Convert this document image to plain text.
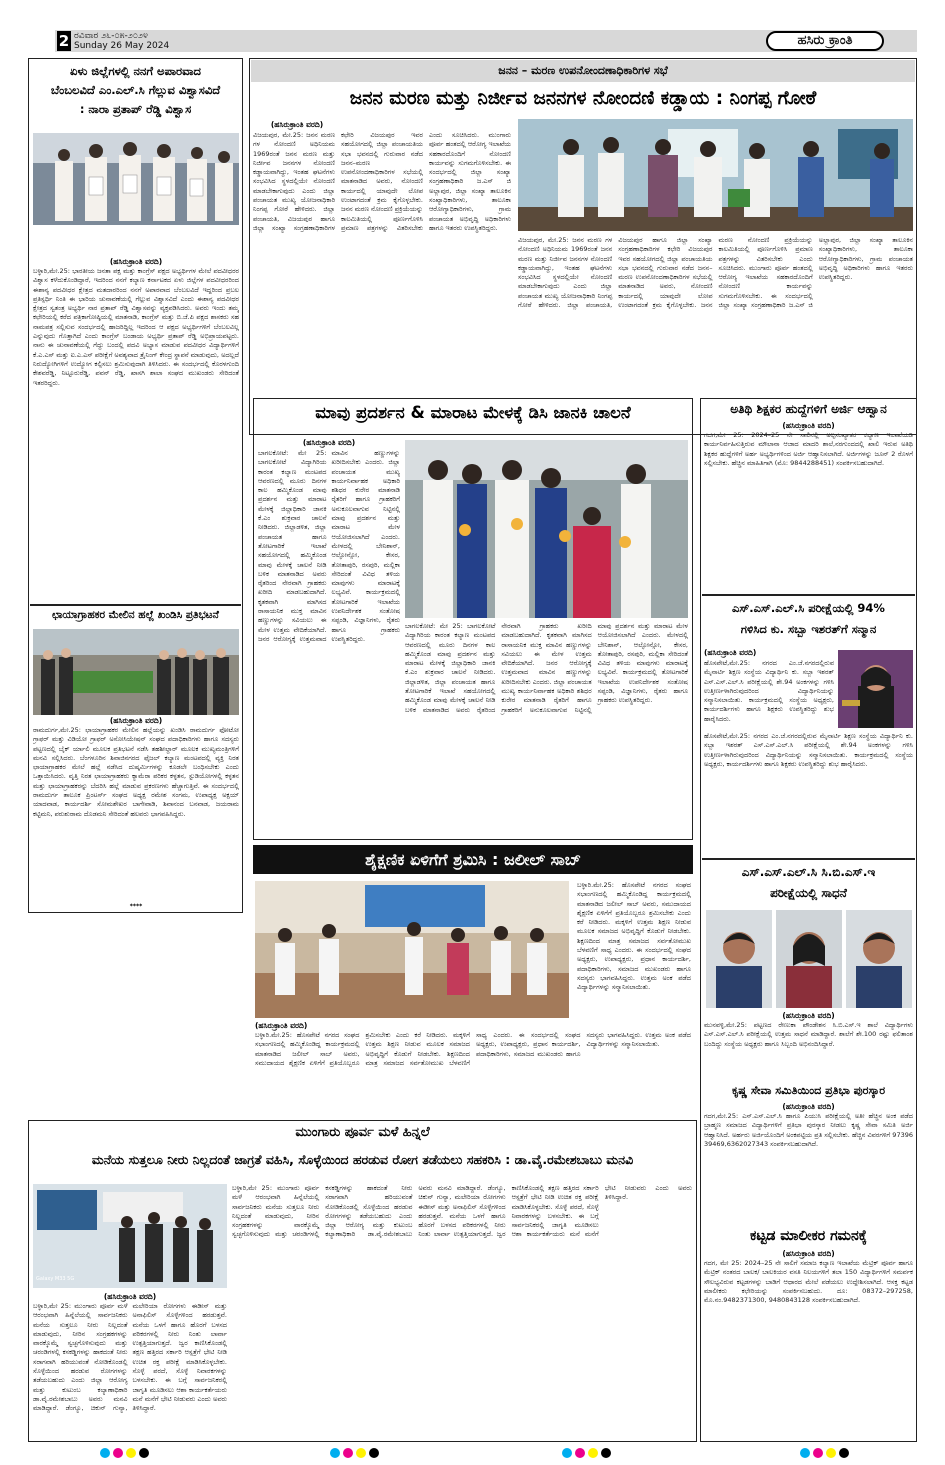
2 ರವಿವಾರ ೨೬-೦೫-೨೦೨೪
Sunday 26 May 2024	ಹಸಿರು ಕ್ರಾಂತಿ
ಏಳು ಜಿಲ್ಲೆಗಳಲ್ಲಿ ನನಗೆ ಅಪಾರವಾದ
ಬೆಂಬಲವಿದೆ ಎಂ.ಎಲ್.ಸಿ ಗೆಲ್ಲುವ ವಿಶ್ವಾಸವಿದೆ
: ನಾರಾ ಪ್ರತಾಪ್ ರೆಡ್ಡಿ ವಿಶ್ವಾಸ
(ಹಸಿರುಕ್ರಾಂತಿ ವರದಿ)
ಬಳ್ಳಾರಿ,ಮೇ.25: ಭಾರತೀಯ ಜನತಾ ಪಕ್ಷ ಮತ್ತು ಕಾಂಗ್ರೆಸ್ ಪಕ್ಷದ ಅಭ್ಯರ್ಥಿಗಳ ಮೇಲೆ ಪದವೀಧರರ ವಿಶ್ವಾಸ ಕಳೆದುಕೊಂಡಿದ್ದಾರೆ, ಇದರಿಂದ ನನಗೆ ಕಲ್ಯಾಣ ಕರ್ನಾಟಕದ ಏಳು ಜಿಲ್ಲೆಗಳ ಪದವೀಧರರಿಂದ ಈಶಾನ್ಯ ಪದವೀಧರ ಕ್ಷೇತ್ರದ ಮತದಾರರಿಂದ ನನಗೆ ಅಪಾರವಾದ ಬೆಂಬಲವಿದೆ ಇದ್ದರಿಂದ ಪ್ರಬಲ ಪ್ರತಿಸ್ಪರ್ಧಿ ನಿಂತಿ ಈ ಭಾರಿಯ ಚುನಾವಣೆಯಲ್ಲಿ ಗೆಲ್ಲುವ ವಿಶ್ವಾಸವಿದೆ ಎಂದು ಈಶಾನ್ಯ ಪದವೀಧರ ಕ್ಷೇತ್ರದ ಸ್ವತಂತ್ರ ಅಭ್ಯರ್ಥಿ ನಾರ ಪ್ರತಾಪ್ ರೆಡ್ಡಿ ವಿಶ್ವಾಸವನ್ನು ವ್ಯಕ್ತಪಡಿಸಿದರು. ಅವರು ಇಂದು ತಮ್ಮ ಕಛೇರಿಯಲ್ಲಿ ಕರೆದ ಪತ್ರಿಕಾಗೋಷ್ಠಿಯಲ್ಲಿ ಮಾತನಾಡಿ, ಕಾಂಗ್ರೆಸ್ ಮತ್ತು ಬಿ.ಜೆ.ಪಿ ಪಕ್ಷದ ಶಾಸಕರು ಸಹ ನಾಮಪತ್ರ ಸಲ್ಲಿಸುವ ಸಂದರ್ಭದಲ್ಲಿ ಹಾಜರಿದ್ದಿಲ್ಲ ಇದರಿಂದ ಆ ಪಕ್ಷದ ಅಭ್ಯರ್ಥಿಗಳಿಗೆ ಬೆಂಬಲವಿಲ್ಲ ಎನ್ನುವುದು ಗೊತ್ತಾಗಿದೆ ಎಂದು ಕಾಂಗ್ರೆಸ್ ಬಂಡಾಯ ಅಭ್ಯರ್ಥಿ ಪ್ರತಾಪ್ ರೆಡ್ಡಿ ಅಭಿಪ್ರಾಯಪಟ್ಟರು. ನಾನು ಈ ಚುನಾವಣೆಯಲ್ಲಿ ಗೆದ್ದು ಬಂದಲ್ಲಿ ಪದವಿ ಅಭ್ಯಾಸ ಮಾಡುವ ಪದವೀಧರ ವಿದ್ಯಾರ್ಥಿಗಳಿಗೆ ಕೆ.ಎ.ಎಸ್ ಮತ್ತು ಐ.ಎ.ಎಸ್ ಪರೀಕ್ಷೆಗೆ ಅವಶ್ಯವಾದ ತ್ರೈನಿಂಗ್ ಕೇಂದ್ರ ಸ್ಥಾಪನೆ ಮಾಡುವುದು, ಅದಲ್ಲದೆ ನಿರುದ್ಯೋಗಿಗಳಿಗೆ ಉದ್ಯೋಗ ಕಲ್ಪಿಸಲು ಶ್ರಮಿಸುವುದಾಗಿ ತಿಳಿಸಿದರು. ಈ ಸಂದರ್ಭದಲ್ಲಿ ಕೊರಳಗುಂದಿ ಕೇಶವರೆಡ್ಡಿ, ನಿಟ್ಟೂರುರೆಡ್ಡಿ, ಪವನ್ ರೆಡ್ಡಿ, ಖಾಸಗಿ ಶಾಲಾ ಸಂಘದ ಮುಖಂಡರು ಸೇರಿದಂತೆ ಇತರರಿದ್ದರು.
ಛಾಯಾಗ್ರಾಹಕರ ಮೇಲಿನ ಹಲ್ಲೆ ಖಂಡಿಸಿ ಪ್ರತಿಭಟನೆ
(ಹಸಿರುಕ್ರಾಂತಿ ವರದಿ)
ರಾಮದುರ್ಗ,ಮೇ.25: ಛಾಯಾಗ್ರಾಹಕರ ಮೇಲಿನ ಹಲ್ಲೆಯನ್ನು ಖಂಡಿಸಿ ರಾಮದುರ್ಗ ಫೋಟೋ ಗ್ರಾಫರ್ ಮತ್ತು ವಿಡಿಯೋ ಗ್ರಾಫರ್ ಅಸೋಸಿಯೇಷನ್ ಸಂಘದ ಪದಾಧಿಕಾರಿಗಳು ಹಾಗೂ ಸದಸ್ಯರು ಪಟ್ಟಣದಲ್ಲಿ ಬೈಕ್ ರ್ಯಾಲಿ ಮೂಲಕ ಪ್ರತಿಭಟನೆ ನಡೆಸಿ ತಹಶೀಲ್ದಾರ್ ಮೂಲಕ ಮುಖ್ಯಮಂತ್ರಿಗಳಿಗೆ ಮನವಿ ಸಲ್ಲಿಸಿದರು. ಬೆಂಗಳೂರಿನ ಶಿವಾಜಿನಗರದ ಫೈಜಲ್ ಕಲ್ಯಾಣ ಮಂಟಪದಲ್ಲಿ ವ್ಯಕ್ತಿ ನಿರತ ಛಾಯಾಗ್ರಾಹಕರ ಮೇಲೆ ಹಲ್ಲೆ ನಡೆಸಿದ ದುಷ್ಕರ್ಮಿಗಳನ್ನು ಕೂಡಲೇ ಬಂಧಿಸಬೇಕು ಎಂದು ಒತ್ತಾಯಿಸಿದರು. ವೃತ್ತಿ ನಿರತ ಛಾಯಾಗ್ರಾಹಕರು ಕ್ಯಾಮೆರಾ ಪರಿಕರ ಕಳ್ಳತನ, ಸ್ಟುಡಿಯೋಗಳಲ್ಲಿ ಕಳ್ಳತನ ಮತ್ತು ಛಾಯಾಗ್ರಾಹಕರನ್ನು ಬೆದರಿಸಿ ಹಲ್ಲೆ ಮಾಡುವ ಪ್ರಕರಣಗಳು ಹೆಚ್ಚಾಗುತ್ತಿವೆ. ಈ ಸಂದರ್ಭದಲ್ಲಿ ರಾಮದುರ್ಗ ತಾಲೂಕ ಪ್ರಿಂಟರ್ಸ್ ಸಂಘದ ಅಧ್ಯಕ್ಷ ರಮೇಶ ಸಂಗಮ, ಉಪಾಧ್ಯಕ್ಷ ಅಕ್ಷಯ್ ಯಾದವಾಡ, ಕಾರ್ಯದರ್ಶಿ ಸೋಮಶೇಖರ ಬಾಗೇವಾಡಿ, ಶಿವಾನಂದ ಬನವಾಡ, ಜಯರಾಮ ಕಟ್ಟಿಮನಿ, ಪರುಶುರಾಮ ದೊಡಮನಿ ಸೇರಿದಂತೆ ಹಲವರು ಭಾಗವಹಿಸಿದ್ದರು.
****
ಜನನ – ಮರಣ ಉಪನೋಂದಣಾಧಿಕಾರಿಗಳ ಸಭೆ
ಜನನ ಮರಣ ಮತ್ತು ನಿರ್ಜೀವ ಜನನಗಳ ನೋಂದಣಿ ಕಡ್ಡಾಯ : ನಿಂಗಪ್ಪ ಗೋಠೆ
(ಹಸಿರುಕ್ರಾಂತಿ ವರದಿ)
ವಿಜಯಪುರ, ಮೇ.25: ಜನನ ಮರಣ ಗಳ ನೋಂದಣಿ ಅಧಿನಿಯಮ 1969ರಂತೆ ಜನನ ಮರಣ ಮತ್ತು ನಿರ್ಜೀವ ಜನನಗಳ ನೋಂದಣಿ ಕಡ್ಡಾಯವಾಗಿದ್ದು, ಇಂತಹ ಘಟನೆಗಳು ಸಂಭವಿಸಿದ ಸ್ಥಳದಲ್ಲಿಯೇ ನೋಂದಣಿ ಮಾಡಬೇಕಾಗುವುದು ಎಂದು ಜಿಲ್ಲಾ ಪಂಚಾಯತ ಮುಖ್ಯ ಯೋಜನಾಧಿಕಾರಿ ನಿಂಗಪ್ಪ ಗೋಠೆ ಹೇಳಿದರು. ಜಿಲ್ಲಾ ಪಂಚಾಯತಿ, ವಿಜಯಪುರ ಹಾಗೂ ಜಿಲ್ಲಾ ಸಂಖ್ಯಾ ಸಂಗ್ರಹಣಾಧಿಕಾರಿಗಳ ಕಛೇರಿ ವಿಜಯಪುರ ಇವರ ಸಹಯೋಗದಲ್ಲಿ ಜಿಲ್ಲಾ ಪಂಚಾಯತಿಯ ಸಭಾ ಭವನದಲ್ಲಿ ಗುರುವಾರ ನಡೆದ ಜನನ–ಮರಣ ಉಪನೋಂದಣಾಧಿಕಾರಿಗಳ ಸಭೆಯಲ್ಲಿ ಮಾತನಾಡಿದ ಅವರು, ನೋಂದಣಿ ಕಾರ್ಯದಲ್ಲಿ ಯಾವುದೇ ಲೋಪ ಉಂಟಾಗದಂತೆ ಕ್ರಮ ಕೈಗೊಳ್ಳಬೇಕು. ಜನನ ಮರಣ ನೋಂದಣಿ ಪ್ರಕ್ರಿಯೆಯನ್ನು ಕಾಲಮಿತಿಯಲ್ಲಿ ಪೂರ್ಣಗೊಳಿಸಿ ಪ್ರಮಾಣ ಪತ್ರಗಳನ್ನು ವಿತರಿಸಬೇಕು ಎಂದು ಸೂಚಿಸಿದರು. ಮುಂಗಾರು ಪೂರ್ವ ಹಂತದಲ್ಲಿ ಆರೋಗ್ಯ ಇಲಾಖೆಯ ಸಹಕಾರದೊಂದಿಗೆ ನೋಂದಣಿ ಕಾರ್ಯವನ್ನು ಸುಗಮಗೊಳಿಸಬೇಕು. ಈ ಸಂದರ್ಭದಲ್ಲಿ ಜಿಲ್ಲಾ ಸಂಖ್ಯಾ ಸಂಗ್ರಹಣಾಧಿಕಾರಿ ಜ.ಎಸ್ ಜಿ ಅಲ್ಲಾಪುರ, ಜಿಲ್ಲಾ ಸಂಖ್ಯಾ ತಾಲೂಕಿನ ಸಂಖ್ಯಾಧಿಕಾರಿಗಳು, ತಾಲೂಕಾ ಆರೋಗ್ಯಾಧಿಕಾರಿಗಳು, ಗ್ರಾಮ ಪಂಚಾಯತ ಅಭಿವೃದ್ಧಿ ಅಧಿಕಾರಿಗಳು ಹಾಗೂ ಇತರರು ಉಪಸ್ಥಿತರಿದ್ದರು.
ವಿಜಯಪುರ, ಮೇ.25: ಜನನ ಮರಣ ಗಳ ನೋಂದಣಿ ಅಧಿನಿಯಮ 1969ರಂತೆ ಜನನ ಮರಣ ಮತ್ತು ನಿರ್ಜೀವ ಜನನಗಳ ನೋಂದಣಿ ಕಡ್ಡಾಯವಾಗಿದ್ದು, ಇಂತಹ ಘಟನೆಗಳು ಸಂಭವಿಸಿದ ಸ್ಥಳದಲ್ಲಿಯೇ ನೋಂದಣಿ ಮಾಡಬೇಕಾಗುವುದು ಎಂದು ಜಿಲ್ಲಾ ಪಂಚಾಯತ ಮುಖ್ಯ ಯೋಜನಾಧಿಕಾರಿ ನಿಂಗಪ್ಪ ಗೋಠೆ ಹೇಳಿದರು. ಜಿಲ್ಲಾ ಪಂಚಾಯತಿ, ವಿಜಯಪುರ ಹಾಗೂ ಜಿಲ್ಲಾ ಸಂಖ್ಯಾ ಸಂಗ್ರಹಣಾಧಿಕಾರಿಗಳ ಕಛೇರಿ ವಿಜಯಪುರ ಇವರ ಸಹಯೋಗದಲ್ಲಿ ಜಿಲ್ಲಾ ಪಂಚಾಯತಿಯ ಸಭಾ ಭವನದಲ್ಲಿ ಗುರುವಾರ ನಡೆದ ಜನನ–ಮರಣ ಉಪನೋಂದಣಾಧಿಕಾರಿಗಳ ಸಭೆಯಲ್ಲಿ ಮಾತನಾಡಿದ ಅವರು, ನೋಂದಣಿ ಕಾರ್ಯದಲ್ಲಿ ಯಾವುದೇ ಲೋಪ ಉಂಟಾಗದಂತೆ ಕ್ರಮ ಕೈಗೊಳ್ಳಬೇಕು. ಜನನ ಮರಣ ನೋಂದಣಿ ಪ್ರಕ್ರಿಯೆಯನ್ನು ಕಾಲಮಿತಿಯಲ್ಲಿ ಪೂರ್ಣಗೊಳಿಸಿ ಪ್ರಮಾಣ ಪತ್ರಗಳನ್ನು ವಿತರಿಸಬೇಕು ಎಂದು ಸೂಚಿಸಿದರು. ಮುಂಗಾರು ಪೂರ್ವ ಹಂತದಲ್ಲಿ ಆರೋಗ್ಯ ಇಲಾಖೆಯ ಸಹಕಾರದೊಂದಿಗೆ ನೋಂದಣಿ ಕಾರ್ಯವನ್ನು ಸುಗಮಗೊಳಿಸಬೇಕು. ಈ ಸಂದರ್ಭದಲ್ಲಿ ಜಿಲ್ಲಾ ಸಂಖ್ಯಾ ಸಂಗ್ರಹಣಾಧಿಕಾರಿ ಜ.ಎಸ್ ಜಿ ಅಲ್ಲಾಪುರ, ಜಿಲ್ಲಾ ಸಂಖ್ಯಾ ತಾಲೂಕಿನ ಸಂಖ್ಯಾಧಿಕಾರಿಗಳು, ತಾಲೂಕಾ ಆರೋಗ್ಯಾಧಿಕಾರಿಗಳು, ಗ್ರಾಮ ಪಂಚಾಯತ ಅಭಿವೃದ್ಧಿ ಅಧಿಕಾರಿಗಳು ಹಾಗೂ ಇತರರು ಉಪಸ್ಥಿತರಿದ್ದರು.
ಮಾವು ಪ್ರದರ್ಶನ & ಮಾರಾಟ ಮೇಳಕ್ಕೆ ಡಿಸಿ ಜಾನಕಿ ಚಾಲನೆ
(ಹಸಿರುಕ್ರಾಂತಿ ವರದಿ)
ಬಾಗಲಕೋಟೆ: ಮೇ 25: ಬಾಗಲಕೋಟೆ ವಿದ್ಯಾಗಿರಿಯ ಕಾರಂತ ಕಲ್ಯಾಣ ಮಂಟಪದ ಆವರಣದಲ್ಲಿ ಮೂರು ದಿನಗಳ ಕಾಲ ಹಮ್ಮಿಕೊಂಡ ಮಾವು ಪ್ರದರ್ಶನ ಮತ್ತು ಮಾರಾಟ ಮೇಳಕ್ಕೆ ಜಿಲ್ಲಾಧಿಕಾರಿ ಜಾನಕಿ ಕೆ.ಎಂ ಶುಕ್ರವಾರ ಚಾಲನೆ ನೀಡಿದರು. ಜಿಲ್ಲಾಡಳಿತ, ಜಿಲ್ಲಾ ಪಂಚಾಯತ ಹಾಗೂ ತೋಟಗಾರಿಕೆ ಇಲಾಖೆ ಸಹಯೋಗದಲ್ಲಿ ಹಮ್ಮಿಕೊಂಡ ಮಾವು ಮೇಳಕ್ಕೆ ಚಾಲನೆ ನೀಡಿ ಬಳಿಕ ಮಾತನಾಡಿದ ಅವರು ರೈತರಿಂದ ನೇರವಾಗಿ ಗ್ರಾಹಕರು ಖರೀದಿ ಮಾಡಬಹುದಾಗಿದೆ. ಕೃತಕವಾಗಿ ಮಾಗಿಸದ ರಾಸಾಯನಿಕ ಮುಕ್ತ ಮಾವಿನ ಹಣ್ಣುಗಳನ್ನು ಸವಿಯಲು ಈ ಮೇಳ ಉತ್ತಮ ವೇದಿಕೆಯಾಗಿದೆ. ಜನರ ಆರೋಗ್ಯಕ್ಕೆ ಉತ್ತಮವಾದ ಮಾವಿನ ಹಣ್ಣುಗಳನ್ನು ಖರೀದಿಸಬೇಕು ಎಂದರು. ಜಿಲ್ಲಾ ಪಂಚಾಯತ ಮುಖ್ಯ ಕಾರ್ಯನಿರ್ವಾಹಕ ಅಧಿಕಾರಿ ಶಶಿಧರ ಕುರೇರ ಮಾತನಾಡಿ ರೈತರಿಗೆ ಹಾಗೂ ಗ್ರಾಹಕರಿಗೆ ಅನುಕೂಲವಾಗುವ ನಿಟ್ಟಿನಲ್ಲಿ ಮಾವು ಪ್ರದರ್ಶನ ಮತ್ತು ಮಾರಾಟ ಮೇಳ ಆಯೋಜಿಸಲಾಗಿದೆ ಎಂದರು. ಮೇಳದಲ್ಲಿ ಬೇನಿಶಾನ್, ಆಲ್ಫೋನ್ಸೋ, ಕೇಸರ, ತೋತಾಪುರಿ, ರಸಪುರಿ, ಮಲ್ಲಿಕಾ ಸೇರಿದಂತೆ ವಿವಿಧ ತಳಿಯ ಮಾವುಗಳು ಮಾರಾಟಕ್ಕೆ ಲಭ್ಯವಿವೆ. ಕಾರ್ಯಕ್ರಮದಲ್ಲಿ ತೋಟಗಾರಿಕೆ ಇಲಾಖೆಯ ಉಪನಿರ್ದೇಶಕ ಸಂತೋಷ ಸಪ್ಪಂಡಿ, ವಿಜ್ಞಾನಿಗಳು, ರೈತರು ಹಾಗೂ ಗ್ರಾಹಕರು ಉಪಸ್ಥಿತರಿದ್ದರು.
ಬಾಗಲಕೋಟೆ: ಮೇ 25: ಬಾಗಲಕೋಟೆ ವಿದ್ಯಾಗಿರಿಯ ಕಾರಂತ ಕಲ್ಯಾಣ ಮಂಟಪದ ಆವರಣದಲ್ಲಿ ಮೂರು ದಿನಗಳ ಕಾಲ ಹಮ್ಮಿಕೊಂಡ ಮಾವು ಪ್ರದರ್ಶನ ಮತ್ತು ಮಾರಾಟ ಮೇಳಕ್ಕೆ ಜಿಲ್ಲಾಧಿಕಾರಿ ಜಾನಕಿ ಕೆ.ಎಂ ಶುಕ್ರವಾರ ಚಾಲನೆ ನೀಡಿದರು. ಜಿಲ್ಲಾಡಳಿತ, ಜಿಲ್ಲಾ ಪಂಚಾಯತ ಹಾಗೂ ತೋಟಗಾರಿಕೆ ಇಲಾಖೆ ಸಹಯೋಗದಲ್ಲಿ ಹಮ್ಮಿಕೊಂಡ ಮಾವು ಮೇಳಕ್ಕೆ ಚಾಲನೆ ನೀಡಿ ಬಳಿಕ ಮಾತನಾಡಿದ ಅವರು ರೈತರಿಂದ ನೇರವಾಗಿ ಗ್ರಾಹಕರು ಖರೀದಿ ಮಾಡಬಹುದಾಗಿದೆ. ಕೃತಕವಾಗಿ ಮಾಗಿಸದ ರಾಸಾಯನಿಕ ಮುಕ್ತ ಮಾವಿನ ಹಣ್ಣುಗಳನ್ನು ಸವಿಯಲು ಈ ಮೇಳ ಉತ್ತಮ ವೇದಿಕೆಯಾಗಿದೆ. ಜನರ ಆರೋಗ್ಯಕ್ಕೆ ಉತ್ತಮವಾದ ಮಾವಿನ ಹಣ್ಣುಗಳನ್ನು ಖರೀದಿಸಬೇಕು ಎಂದರು. ಜಿಲ್ಲಾ ಪಂಚಾಯತ ಮುಖ್ಯ ಕಾರ್ಯನಿರ್ವಾಹಕ ಅಧಿಕಾರಿ ಶಶಿಧರ ಕುರೇರ ಮಾತನಾಡಿ ರೈತರಿಗೆ ಹಾಗೂ ಗ್ರಾಹಕರಿಗೆ ಅನುಕೂಲವಾಗುವ ನಿಟ್ಟಿನಲ್ಲಿ ಮಾವು ಪ್ರದರ್ಶನ ಮತ್ತು ಮಾರಾಟ ಮೇಳ ಆಯೋಜಿಸಲಾಗಿದೆ ಎಂದರು. ಮೇಳದಲ್ಲಿ ಬೇನಿಶಾನ್, ಆಲ್ಫೋನ್ಸೋ, ಕೇಸರ, ತೋತಾಪುರಿ, ರಸಪುರಿ, ಮಲ್ಲಿಕಾ ಸೇರಿದಂತೆ ವಿವಿಧ ತಳಿಯ ಮಾವುಗಳು ಮಾರಾಟಕ್ಕೆ ಲಭ್ಯವಿವೆ. ಕಾರ್ಯಕ್ರಮದಲ್ಲಿ ತೋಟಗಾರಿಕೆ ಇಲಾಖೆಯ ಉಪನಿರ್ದೇಶಕ ಸಂತೋಷ ಸಪ್ಪಂಡಿ, ವಿಜ್ಞಾನಿಗಳು, ರೈತರು ಹಾಗೂ ಗ್ರಾಹಕರು ಉಪಸ್ಥಿತರಿದ್ದರು.
ಶೈಕ್ಷಣಿಕ ಏಳಿಗೆಗೆ ಶ್ರಮಿಸಿ : ಜಲೀಲ್ ಸಾಬ್
ಬಳ್ಳಾರಿ.ಮೇ.25: ಹೊಸಪೇಟೆ ನಗರದ ಸಂಘದ ಸಭಾಂಗಣದಲ್ಲಿ ಹಮ್ಮಿಕೊಂಡಿದ್ದ ಕಾರ್ಯಕ್ರಮದಲ್ಲಿ ಮಾತನಾಡಿದ ಜಲೀಲ್ ಸಾಬ್ ಅವರು, ಸಮುದಾಯದ ಶೈಕ್ಷಣಿಕ ಏಳಿಗೆಗೆ ಪ್ರತಿಯೊಬ್ಬರೂ ಶ್ರಮಿಸಬೇಕು ಎಂದು ಕರೆ ನೀಡಿದರು. ಮಕ್ಕಳಿಗೆ ಉತ್ತಮ ಶಿಕ್ಷಣ ನೀಡುವ ಮೂಲಕ ಸಮಾಜದ ಅಭಿವೃದ್ಧಿಗೆ ಕೊಡುಗೆ ನೀಡಬೇಕು. ಶಿಕ್ಷಣದಿಂದ ಮಾತ್ರ ಸಮಾಜದ ಸರ್ವತೋಮುಖ ಬೆಳವಣಿಗೆ ಸಾಧ್ಯ ಎಂದರು. ಈ ಸಂದರ್ಭದಲ್ಲಿ ಸಂಘದ ಅಧ್ಯಕ್ಷರು, ಉಪಾಧ್ಯಕ್ಷರು, ಪ್ರಧಾನ ಕಾರ್ಯದರ್ಶಿ, ಪದಾಧಿಕಾರಿಗಳು, ಸಮಾಜದ ಮುಖಂಡರು ಹಾಗೂ ಸದಸ್ಯರು ಭಾಗವಹಿಸಿದ್ದರು. ಉತ್ತಮ ಅಂಕ ಪಡೆದ ವಿದ್ಯಾರ್ಥಿಗಳನ್ನು ಸನ್ಮಾನಿಸಲಾಯಿತು.
(ಹಸಿರುಕ್ರಾಂತಿ ವರದಿ)
ಬಳ್ಳಾರಿ.ಮೇ.25: ಹೊಸಪೇಟೆ ನಗರದ ಸಂಘದ ಸಭಾಂಗಣದಲ್ಲಿ ಹಮ್ಮಿಕೊಂಡಿದ್ದ ಕಾರ್ಯಕ್ರಮದಲ್ಲಿ ಮಾತನಾಡಿದ ಜಲೀಲ್ ಸಾಬ್ ಅವರು, ಸಮುದಾಯದ ಶೈಕ್ಷಣಿಕ ಏಳಿಗೆಗೆ ಪ್ರತಿಯೊಬ್ಬರೂ ಶ್ರಮಿಸಬೇಕು ಎಂದು ಕರೆ ನೀಡಿದರು. ಮಕ್ಕಳಿಗೆ ಉತ್ತಮ ಶಿಕ್ಷಣ ನೀಡುವ ಮೂಲಕ ಸಮಾಜದ ಅಭಿವೃದ್ಧಿಗೆ ಕೊಡುಗೆ ನೀಡಬೇಕು. ಶಿಕ್ಷಣದಿಂದ ಮಾತ್ರ ಸಮಾಜದ ಸರ್ವತೋಮುಖ ಬೆಳವಣಿಗೆ ಸಾಧ್ಯ ಎಂದರು. ಈ ಸಂದರ್ಭದಲ್ಲಿ ಸಂಘದ ಅಧ್ಯಕ್ಷರು, ಉಪಾಧ್ಯಕ್ಷರು, ಪ್ರಧಾನ ಕಾರ್ಯದರ್ಶಿ, ಪದಾಧಿಕಾರಿಗಳು, ಸಮಾಜದ ಮುಖಂಡರು ಹಾಗೂ ಸದಸ್ಯರು ಭಾಗವಹಿಸಿದ್ದರು. ಉತ್ತಮ ಅಂಕ ಪಡೆದ ವಿದ್ಯಾರ್ಥಿಗಳನ್ನು ಸನ್ಮಾನಿಸಲಾಯಿತು.
ಮುಂಗಾರು ಪೂರ್ವ ಮಳೆ ಹಿನ್ನಲೆ
ಮನೆಯ ಸುತ್ತಲೂ ನೀರು ನಿಲ್ಲದಂತೆ ಜಾಗ್ರತೆ ವಹಿಸಿ, ಸೊಳ್ಳೆಯಿಂದ ಹರಡುವ ರೋಗ ತಡೆಯಲು ಸಹಕರಿಸಿ : ಡಾ.ವೈ.ರಮೇಶಬಾಬು ಮನವಿ
Galaxy M33 5G
(ಹಸಿರುಕ್ರಾಂತಿ ವರದಿ)
ಬಳ್ಳಾರಿ,ಮೇ 25: ಮುಂಗಾರು ಪೂರ್ವ ಮಳೆ ಆರಂಭವಾಗಿ ಹಿನ್ನೆಲೆಯಲ್ಲಿ ಸಾರ್ವಜನಿಕರು ಮನೆಯ ಸುತ್ತಲೂ ನೀರು ನಿಲ್ಲದಂತೆ ಮಾಡುವುದು, ನೀರಿನ ಸಂಗ್ರಹಕಗಳನ್ನು ವಾರಕ್ಕೊಮ್ಮೆ ಸ್ವಚ್ಛಗೊಳಿಸುವುದು ಮತ್ತು ಚರಂಡಿಗಳಲ್ಲಿ ಕಸಕಡ್ಡಿಗಳನ್ನು ಹಾಕದಂತೆ ನೀರು ಸರಾಗವಾಗಿ ಹರಿಯುವಂತೆ ನೋಡಿಕೊಂಡಲ್ಲಿ ಸೊಳ್ಳೆಯಿಂದ ಹರಡುವ ರೋಗಗಳನ್ನು ತಡೆಯಬಹುದು ಎಂದು ಜಿಲ್ಲಾ ಆರೋಗ್ಯ ಮತ್ತು ಕುಟುಂಬ ಕಲ್ಯಾಣಾಧಿಕಾರಿ ಡಾ.ವೈ.ರಮೇಶಬಾಬು ಅವರು ಮನವಿ ಮಾಡಿದ್ದಾರೆ. ಡೆಂಗ್ಯೂ, ಚಿಕುನ್ ಗುನ್ಯಾ, ಮಲೇರಿಯಾ ರೋಗಗಳು ಈಡೀಸ್ ಮತ್ತು ಅನಾಫಿಲಿಸ್ ಸೊಳ್ಳೆಗಳಿಂದ ಹರಡುತ್ತವೆ. ಮನೆಯ ಒಳಗೆ ಹಾಗೂ ಹೊರಗೆ ಬಳಸದ ಪರಿಕರಗಳಲ್ಲಿ ನೀರು ನಿಂತು ಲಾರ್ವಾ ಉತ್ಪತ್ತಿಯಾಗುತ್ತದೆ. ಜ್ವರ ಕಾಣಿಸಿಕೊಂಡಲ್ಲಿ ತಕ್ಷಣ ಹತ್ತಿರದ ಸರ್ಕಾರಿ ಆಸ್ಪತ್ರೆಗೆ ಭೇಟಿ ನೀಡಿ ಉಚಿತ ರಕ್ತ ಪರೀಕ್ಷೆ ಮಾಡಿಸಿಕೊಳ್ಳಬೇಕು. ಸೊಳ್ಳೆ ಪರದೆ, ಸೊಳ್ಳೆ ನಿವಾರಕಗಳನ್ನು ಬಳಸಬೇಕು. ಈ ಬಗ್ಗೆ ಸಾರ್ವಜನಿಕರಲ್ಲಿ ಜಾಗೃತಿ ಮೂಡಿಸಲು ಆಶಾ ಕಾರ್ಯಕರ್ತೆಯರು ಮನೆ ಮನೆಗೆ ಭೇಟಿ ನೀಡುವರು ಎಂದು ಅವರು ತಿಳಿಸಿದ್ದಾರೆ.
ಬಳ್ಳಾರಿ,ಮೇ 25: ಮುಂಗಾರು ಪೂರ್ವ ಮಳೆ ಆರಂಭವಾಗಿ ಹಿನ್ನೆಲೆಯಲ್ಲಿ ಸಾರ್ವಜನಿಕರು ಮನೆಯ ಸುತ್ತಲೂ ನೀರು ನಿಲ್ಲದಂತೆ ಮಾಡುವುದು, ನೀರಿನ ಸಂಗ್ರಹಕಗಳನ್ನು ವಾರಕ್ಕೊಮ್ಮೆ ಸ್ವಚ್ಛಗೊಳಿಸುವುದು ಮತ್ತು ಚರಂಡಿಗಳಲ್ಲಿ ಕಸಕಡ್ಡಿಗಳನ್ನು ಹಾಕದಂತೆ ನೀರು ಸರಾಗವಾಗಿ ಹರಿಯುವಂತೆ ನೋಡಿಕೊಂಡಲ್ಲಿ ಸೊಳ್ಳೆಯಿಂದ ಹರಡುವ ರೋಗಗಳನ್ನು ತಡೆಯಬಹುದು ಎಂದು ಜಿಲ್ಲಾ ಆರೋಗ್ಯ ಮತ್ತು ಕುಟುಂಬ ಕಲ್ಯಾಣಾಧಿಕಾರಿ ಡಾ.ವೈ.ರಮೇಶಬಾಬು ಅವರು ಮನವಿ ಮಾಡಿದ್ದಾರೆ. ಡೆಂಗ್ಯೂ, ಚಿಕುನ್ ಗುನ್ಯಾ, ಮಲೇರಿಯಾ ರೋಗಗಳು ಈಡೀಸ್ ಮತ್ತು ಅನಾಫಿಲಿಸ್ ಸೊಳ್ಳೆಗಳಿಂದ ಹರಡುತ್ತವೆ. ಮನೆಯ ಒಳಗೆ ಹಾಗೂ ಹೊರಗೆ ಬಳಸದ ಪರಿಕರಗಳಲ್ಲಿ ನೀರು ನಿಂತು ಲಾರ್ವಾ ಉತ್ಪತ್ತಿಯಾಗುತ್ತದೆ. ಜ್ವರ ಕಾಣಿಸಿಕೊಂಡಲ್ಲಿ ತಕ್ಷಣ ಹತ್ತಿರದ ಸರ್ಕಾರಿ ಆಸ್ಪತ್ರೆಗೆ ಭೇಟಿ ನೀಡಿ ಉಚಿತ ರಕ್ತ ಪರೀಕ್ಷೆ ಮಾಡಿಸಿಕೊಳ್ಳಬೇಕು. ಸೊಳ್ಳೆ ಪರದೆ, ಸೊಳ್ಳೆ ನಿವಾರಕಗಳನ್ನು ಬಳಸಬೇಕು. ಈ ಬಗ್ಗೆ ಸಾರ್ವಜನಿಕರಲ್ಲಿ ಜಾಗೃತಿ ಮೂಡಿಸಲು ಆಶಾ ಕಾರ್ಯಕರ್ತೆಯರು ಮನೆ ಮನೆಗೆ ಭೇಟಿ ನೀಡುವರು ಎಂದು ಅವರು ತಿಳಿಸಿದ್ದಾರೆ.
ಅತಿಥಿ ಶಿಕ್ಷಕರ ಹುದ್ದೆಗಳಿಗೆ ಅರ್ಜಿ ಆಹ್ವಾನ
(ಹಸಿರುಕ್ರಾಂತಿ ವರದಿ)
ಗದಗ,ಮೇ 25: 2024–25 ನೇ ಸಾಲಿನಲ್ಲಿ ಅಲ್ಪಸಂಖ್ಯಾತರ ಕಲ್ಯಾಣ ಇಲಾಖೆಯಡಿ ಕಾರ್ಯನಿರ್ವಹಿಸುತ್ತಿರುವ ಮೌಲಾನಾ ಆಜಾದ ಮಾದರಿ ಶಾಲೆ,ನರಗುಂದದಲ್ಲಿ ಖಾಲಿ ಇರುವ ಅತಿಥಿ ಶಿಕ್ಷಕರ ಹುದ್ದೆಗಳಿಗೆ ಅರ್ಹ ಅಭ್ಯರ್ಥಿಗಳಿಂದ ಅರ್ಜಿ ಆಹ್ವಾನಿಸಲಾಗಿದೆ. ಅರ್ಜಿಗಳನ್ನು ಜೂನ್ 2 ರೊಳಗೆ ಸಲ್ಲಿಸಬೇಕು. ಹೆಚ್ಚಿನ ಮಾಹಿತಿಗಾಗಿ (ಮೊ: 9844288451) ಸಂಪರ್ಕಿಸಬಹುದಾಗಿದೆ.
ಎಸ್.ಎಸ್.ಎಲ್.ಸಿ ಪರೀಕ್ಷೆಯಲ್ಲಿ 94%
ಗಳಿಸಿದ ಕು. ಸಬ್ಬಾ ಇಶರತ್‌ಗೆ ಸನ್ಮಾನ
(ಹಸಿರುಕ್ರಾಂತಿ ವರದಿ)
ಹೊಸಪೇಟೆ,ಮೇ.25: ನಗರದ ಎಂ.ಜೆ.ನಗರದಲ್ಲಿರುವ ಮೈನಾರ್ಟಿ ಶಿಕ್ಷಣ ಸಂಸ್ಥೆಯ ವಿದ್ಯಾರ್ಥಿನಿ ಕು. ಸಬ್ಬಾ ಇಶರತ್ ಎಸ್.ಎಸ್.ಎಲ್.ಸಿ ಪರೀಕ್ಷೆಯಲ್ಲಿ ಶೇ.94 ಅಂಕಗಳನ್ನು ಗಳಿಸಿ ಉತ್ತೀರ್ಣಳಾಗಿರುವುದರಿಂದ ವಿದ್ಯಾರ್ಥಿನಿಯನ್ನು ಸನ್ಮಾನಿಸಲಾಯಿತು. ಕಾರ್ಯಕ್ರಮದಲ್ಲಿ ಸಂಸ್ಥೆಯ ಅಧ್ಯಕ್ಷರು, ಕಾರ್ಯದರ್ಶಿಗಳು ಹಾಗೂ ಶಿಕ್ಷಕರು ಉಪಸ್ಥಿತರಿದ್ದು ಶುಭ ಹಾರೈಸಿದರು.
ಹೊಸಪೇಟೆ,ಮೇ.25: ನಗರದ ಎಂ.ಜೆ.ನಗರದಲ್ಲಿರುವ ಮೈನಾರ್ಟಿ ಶಿಕ್ಷಣ ಸಂಸ್ಥೆಯ ವಿದ್ಯಾರ್ಥಿನಿ ಕು. ಸಬ್ಬಾ ಇಶರತ್ ಎಸ್.ಎಸ್.ಎಲ್.ಸಿ ಪರೀಕ್ಷೆಯಲ್ಲಿ ಶೇ.94 ಅಂಕಗಳನ್ನು ಗಳಿಸಿ ಉತ್ತೀರ್ಣಳಾಗಿರುವುದರಿಂದ ವಿದ್ಯಾರ್ಥಿನಿಯನ್ನು ಸನ್ಮಾನಿಸಲಾಯಿತು. ಕಾರ್ಯಕ್ರಮದಲ್ಲಿ ಸಂಸ್ಥೆಯ ಅಧ್ಯಕ್ಷರು, ಕಾರ್ಯದರ್ಶಿಗಳು ಹಾಗೂ ಶಿಕ್ಷಕರು ಉಪಸ್ಥಿತರಿದ್ದು ಶುಭ ಹಾರೈಸಿದರು.
ಎಸ್.ಎಸ್.ಎಲ್.ಸಿ ಸಿ.ಬಿ.ಎಸ್.ಇ
ಪರೀಕ್ಷೆಯಲ್ಲಿ ಸಾಧನೆ
(ಹಸಿರುಕ್ರಾಂತಿ ವರದಿ)
ಮುನವಳ್ಳಿ,ಮೇ.25: ಪಟ್ಟಣದ ರೇಣುಕಾ ಪೌಂಡೇಶನ ಸಿ.ಬಿ.ಎಸ್.ಇ ಶಾಲೆ ವಿದ್ಯಾರ್ಥಿಗಳು ಎಸ್.ಎಸ್.ಎಲ್.ಸಿ ಪರೀಕ್ಷೆಯಲ್ಲಿ ಉತ್ತಮ ಸಾಧನೆ ಮಾಡಿದ್ದಾರೆ. ಶಾಲೆಗೆ ಶೇ.100 ರಷ್ಟು ಫಲಿತಾಂಶ ಬಂದಿದ್ದು ಸಂಸ್ಥೆಯ ಅಧ್ಯಕ್ಷರು ಹಾಗೂ ಸಿಬ್ಬಂದಿ ಅಭಿನಂದಿಸಿದ್ದಾರೆ.
ಕೃಷ್ಣ ಸೇವಾ ಸಮಿತಿಯಿಂದ ಪ್ರತಿಭಾ ಪುರಸ್ಕಾರ
(ಹಸಿರುಕ್ರಾಂತಿ ವರದಿ)
ಗದಗ,ಮೇ.25: ಎಸ್.ಎಸ್.ಎಲ್.ಸಿ ಹಾಗೂ ಪಿಯುಸಿ ಪರೀಕ್ಷೆಯಲ್ಲಿ ಅತೀ ಹೆಚ್ಚಿನ ಅಂಕ ಪಡೆದ ಬ್ರಾಹ್ಮಣ ಸಮಾಜದ ವಿದ್ಯಾರ್ಥಿಗಳಿಗೆ ಪ್ರತಿಭಾ ಪುರಸ್ಕಾರ ನೀಡಲು ಕೃಷ್ಣ ಸೇವಾ ಸಮಿತಿ ಅರ್ಜಿ ಆಹ್ವಾನಿಸಿದೆ. ಅರ್ಹರು ಅರ್ಜಿಯೊಂದಿಗೆ ಅಂಕಪಟ್ಟಿಯ ಪ್ರತಿ ಸಲ್ಲಿಸಬೇಕು. ಹೆಚ್ಚಿನ ವಿವರಗಳಿಗೆ 97396 39469,6362027343 ಸಂಪರ್ಕಿಸಬಹುದಾಗಿದೆ.
ಕಟ್ಟಡ ಮಾಲೀಕರ ಗಮನಕ್ಕೆ
(ಹಸಿರುಕ್ರಾಂತಿ ವರದಿ)
ಗದಗ, ಮೇ 25: 2024–25 ನೇ ಸಾಲಿಗೆ ಸಮಾಜ ಕಲ್ಯಾಣ ಇಲಾಖೆಯ ಮೆಟ್ರಿಕ್ ಪೂರ್ವ ಹಾಗೂ ಮೆಟ್ರಿಕ್ ನಂತರದ ಬಾಲಕ/ ಬಾಲಕಿಯರ ವಸತಿ ನಿಲಯಗಳಿಗೆ ತಲಾ 150 ವಿದ್ಯಾರ್ಥಿಗಳಿಗೆ ಸಮರ್ಪಕ ಸೌಲಭ್ಯವಿರುವ ಕಟ್ಟಡಗಳನ್ನು ಬಾಡಿಗೆ ಆಧಾರದ ಮೇಲೆ ಪಡೆಯಲು ಉದ್ದೇಶಿಸಲಾಗಿದೆ. ಆಸಕ್ತ ಕಟ್ಟಡ ಮಾಲೀಕರು ಕಛೇರಿಯನ್ನು ಸಂಪರ್ಕಿಸಬಹುದು. ದೂ: 08372–297258, ಮೊ.ನಂ.9482371300, 9480843128 ಸಂಪರ್ಕಿಸಬಹುದಾಗಿದೆ.
